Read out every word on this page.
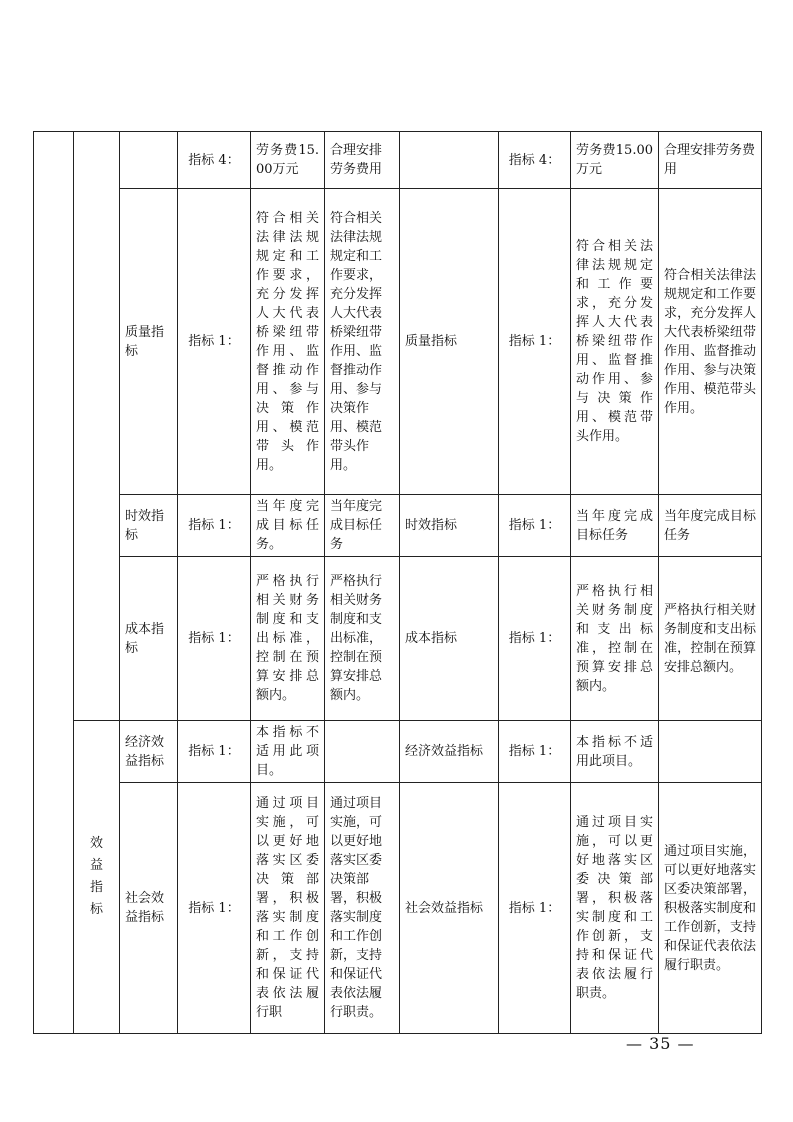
			指标 4：	劳务费15.00万元	合理安排劳务费用		指标 4：	劳务费15.00万元	合理安排劳务费用
		质量指标	指标 1：	符合相关法律法规规定和工作要求，充分发挥人大代表桥梁纽带作用、监督推动作用、参与决策作用、模范带头作用。	符合相关法律法规规定和工作要求，充分发挥人大代表桥梁纽带作用、监督推动作用、参与决策作用、模范带头作用。	质量指标	指标 1：	符合相关法律法规规定和工作要求，充分发挥人大代表桥梁纽带作用、监督推动作用、参与决策作用、模范带头作用。	符合相关法律法规规定和工作要求，充分发挥人大代表桥梁纽带作用、监督推动作用、参与决策作用、模范带头作用。
		时效指标	指标 1：	当年度完成目标任务。	当年度完成目标任务	时效指标	指标 1：	当年度完成目标任务	当年度完成目标任务
		成本指标	指标 1：	严格执行相关财务制度和支出标准，控制在预算安排总额内。	严格执行相关财务制度和支出标准，控制在预算安排总额内。	成本指标	指标 1：	严格执行相关财务制度和支出标准，控制在预算安排总额内。	严格执行相关财务制度和支出标准，控制在预算安排总额内。
	效益指标	经济效益指标	指标 1：	本指标不适用此项目。		经济效益指标	指标 1：	本指标不适用此项目。	
		社会效益指标	指标 1：	通过项目实施，可以更好地落实区委决策部署，积极落实制度和工作创新，支持和保证代表依法履行职	通过项目实施，可以更好地落实区委决策部署，积极落实制度和工作创新，支持和保证代表依法履行职责。	社会效益指标	指标 1：	通过项目实施，可以更好地落实区委决策部署，积极落实制度和工作创新，支持和保证代表依法履行职责。	通过项目实施，可以更好地落实区委决策部署，积极落实制度和工作创新，支持和保证代表依法履行职责。
— 35 —
